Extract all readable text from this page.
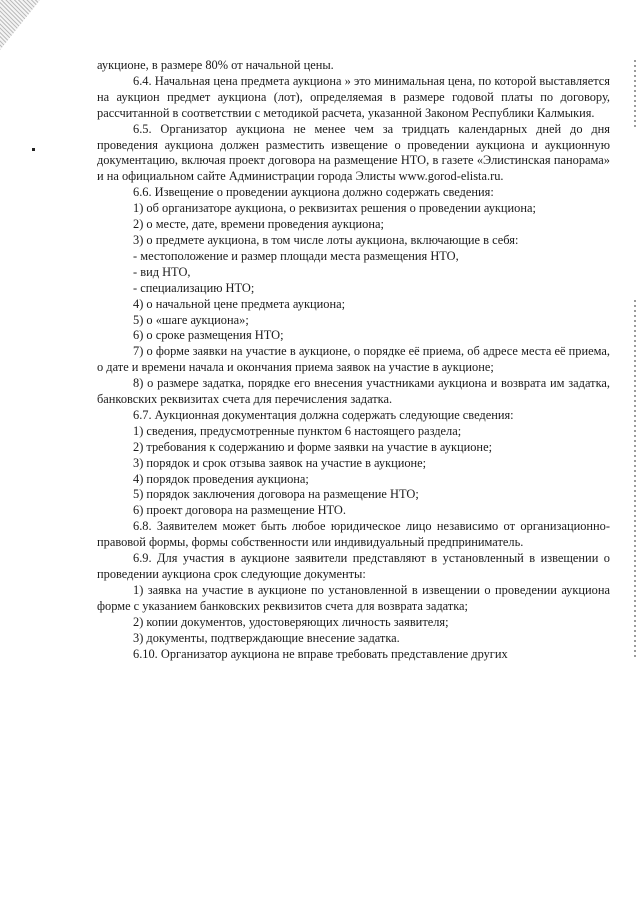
аукционе, в размере 80% от начальной цены.

6.4. Начальная цена предмета аукциона » это минимальная цена, по которой выставляется на аукцион предмет аукциона (лот), определяемая в размере годовой платы по договору, рассчитанной в соответствии с методикой расчета, указанной Законом Республики Калмыкия.

6.5. Организатор аукциона не менее чем за тридцать календарных дней до дня проведения аукциона должен разместить извещение о проведении аукциона и аукционную документацию, включая проект договора на размещение НТО, в газете «Элистинская панорама» и на официальном сайте Администрации города Элисты www.gorod-elista.ru.

6.6. Извещение о проведении аукциона должно содержать сведения:

1) об организаторе аукциона, о реквизитах решения о проведении аукциона;

2) о месте, дате, времени проведения аукциона;

3) о предмете аукциона, в том числе лоты аукциона, включающие в себя:

- местоположение и размер площади места размещения НТО,

- вид НТО,

- специализацию НТО;

4) о начальной цене предмета аукциона;

5) о «шаге аукциона»;

6) о сроке размещения НТО;

7) о форме заявки на участие в аукционе, о порядке её приема, об адресе места её приема, о дате и времени начала и окончания приема заявок на участие в аукционе;

8) о размере задатка, порядке его внесения участниками аукциона и возврата им задатка, банковских реквизитах счета для перечисления задатка.

6.7. Аукционная документация должна содержать следующие сведения:

1) сведения, предусмотренные пунктом 6 настоящего раздела;

2) требования к содержанию и форме заявки на участие в аукционе;

3) порядок и срок отзыва заявок на участие в аукционе;

4) порядок проведения аукциона;

5) порядок заключения договора на размещение НТО;

6) проект договора на размещение НТО.

6.8. Заявителем может быть любое юридическое лицо независимо от организационно-правовой формы, формы собственности или индивидуальный предприниматель.

6.9. Для участия в аукционе заявители представляют в установленный в извещении о проведении аукциона срок следующие документы:

1) заявка на участие в аукционе по установленной в извещении о проведении аукциона форме с указанием банковских реквизитов счета для возврата задатка;

2) копии документов, удостоверяющих личность заявителя;

3) документы, подтверждающие внесение задатка.

6.10. Организатор аукциона не вправе требовать представление других
